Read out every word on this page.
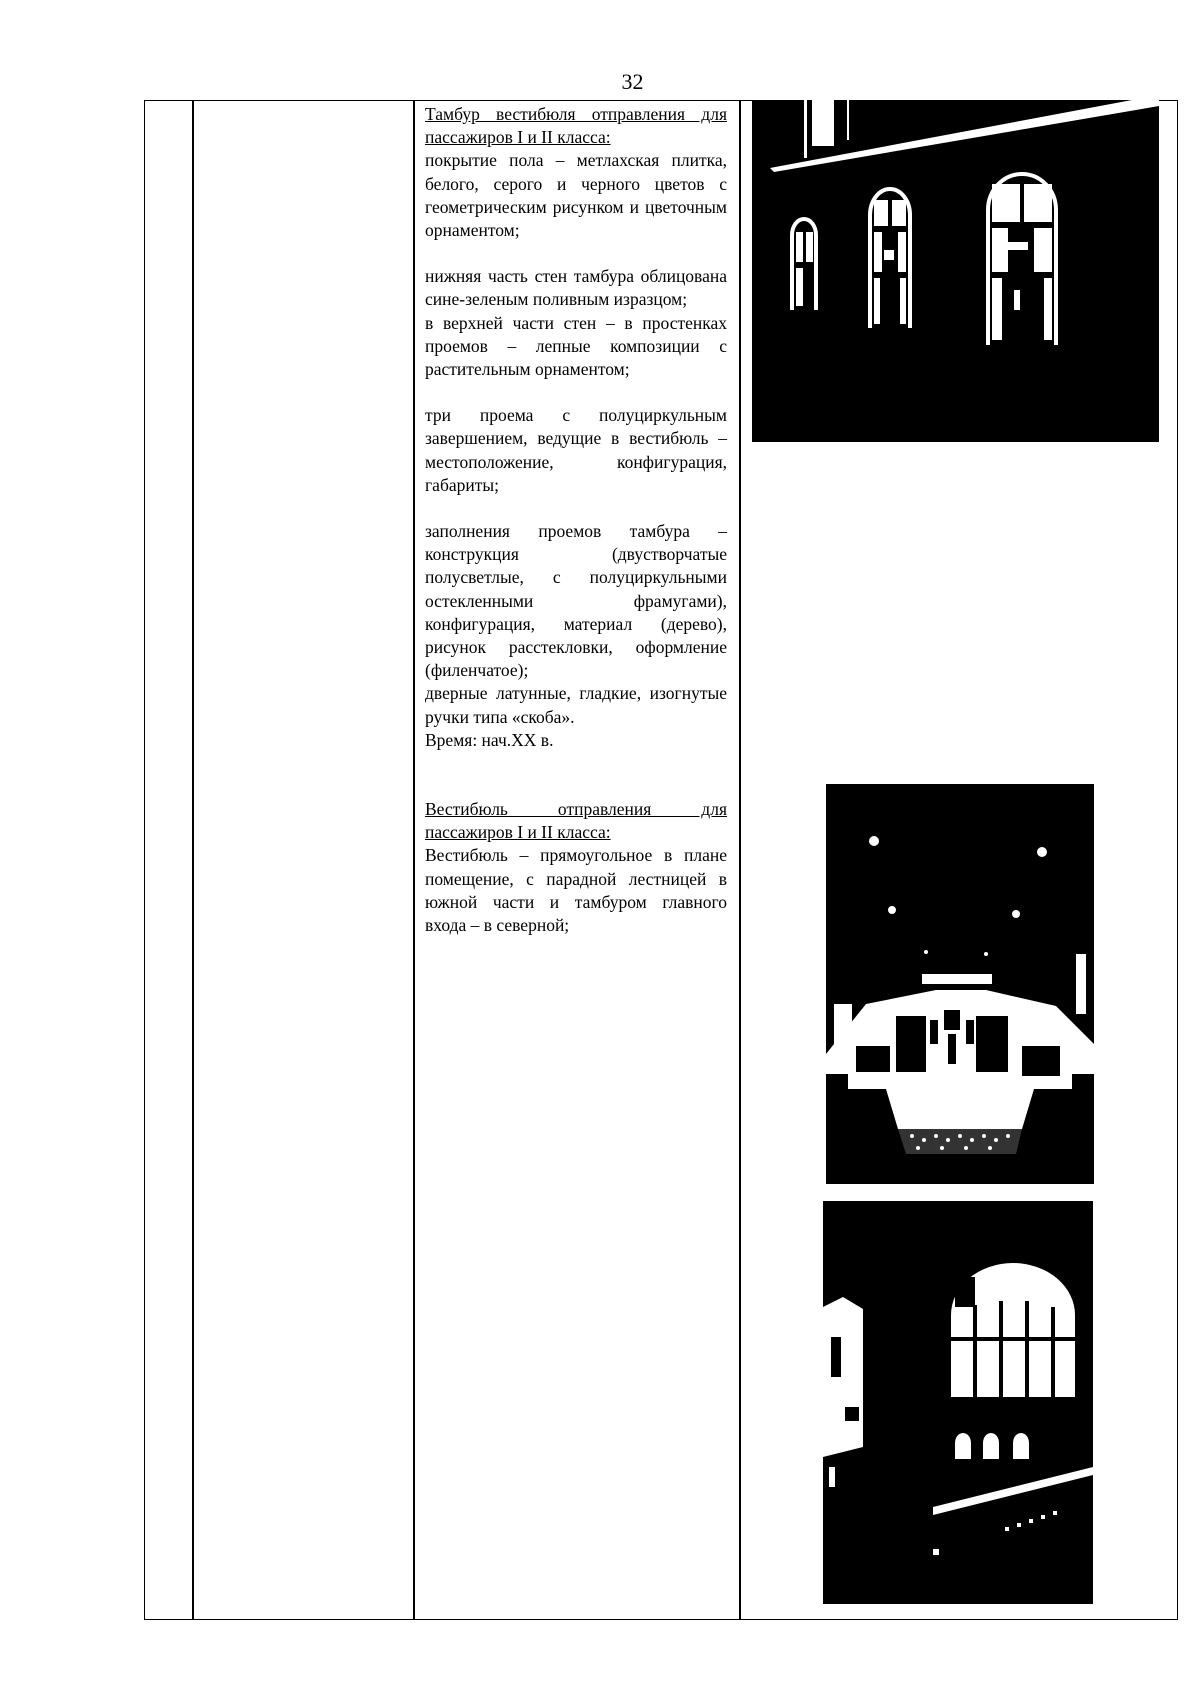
32

Тамбур вестибюля отправления для пассажиров I и II класса:

покрытие пола – метлахская плитка, белого, серого и черного цветов с геометрическим рисунком и цветочным орнаментом;

нижняя часть стен тамбура облицована сине-зеленым поливным изразцом;

в верхней части стен – в простенках проемов – лепные композиции с растительным орнаментом;

три проема с полуциркульным завершением, ведущие в вестибюль – местоположение, конфигурация, габариты;

заполнения проемов тамбура – конструкция (двустворчатые полусветлые, с полуциркульными остекленными фрамугами), конфигурация, материал (дерево), рисунок расстекловки, оформление (филенчатое);

дверные латунные, гладкие, изогнутые ручки типа «скоба».

Время: нач.XX в.

Вестибюль отправления для пассажиров I и II класса:

Вестибюль – прямоугольное в плане помещение, с парадной лестницей в южной части и тамбуром главного входа – в северной;
